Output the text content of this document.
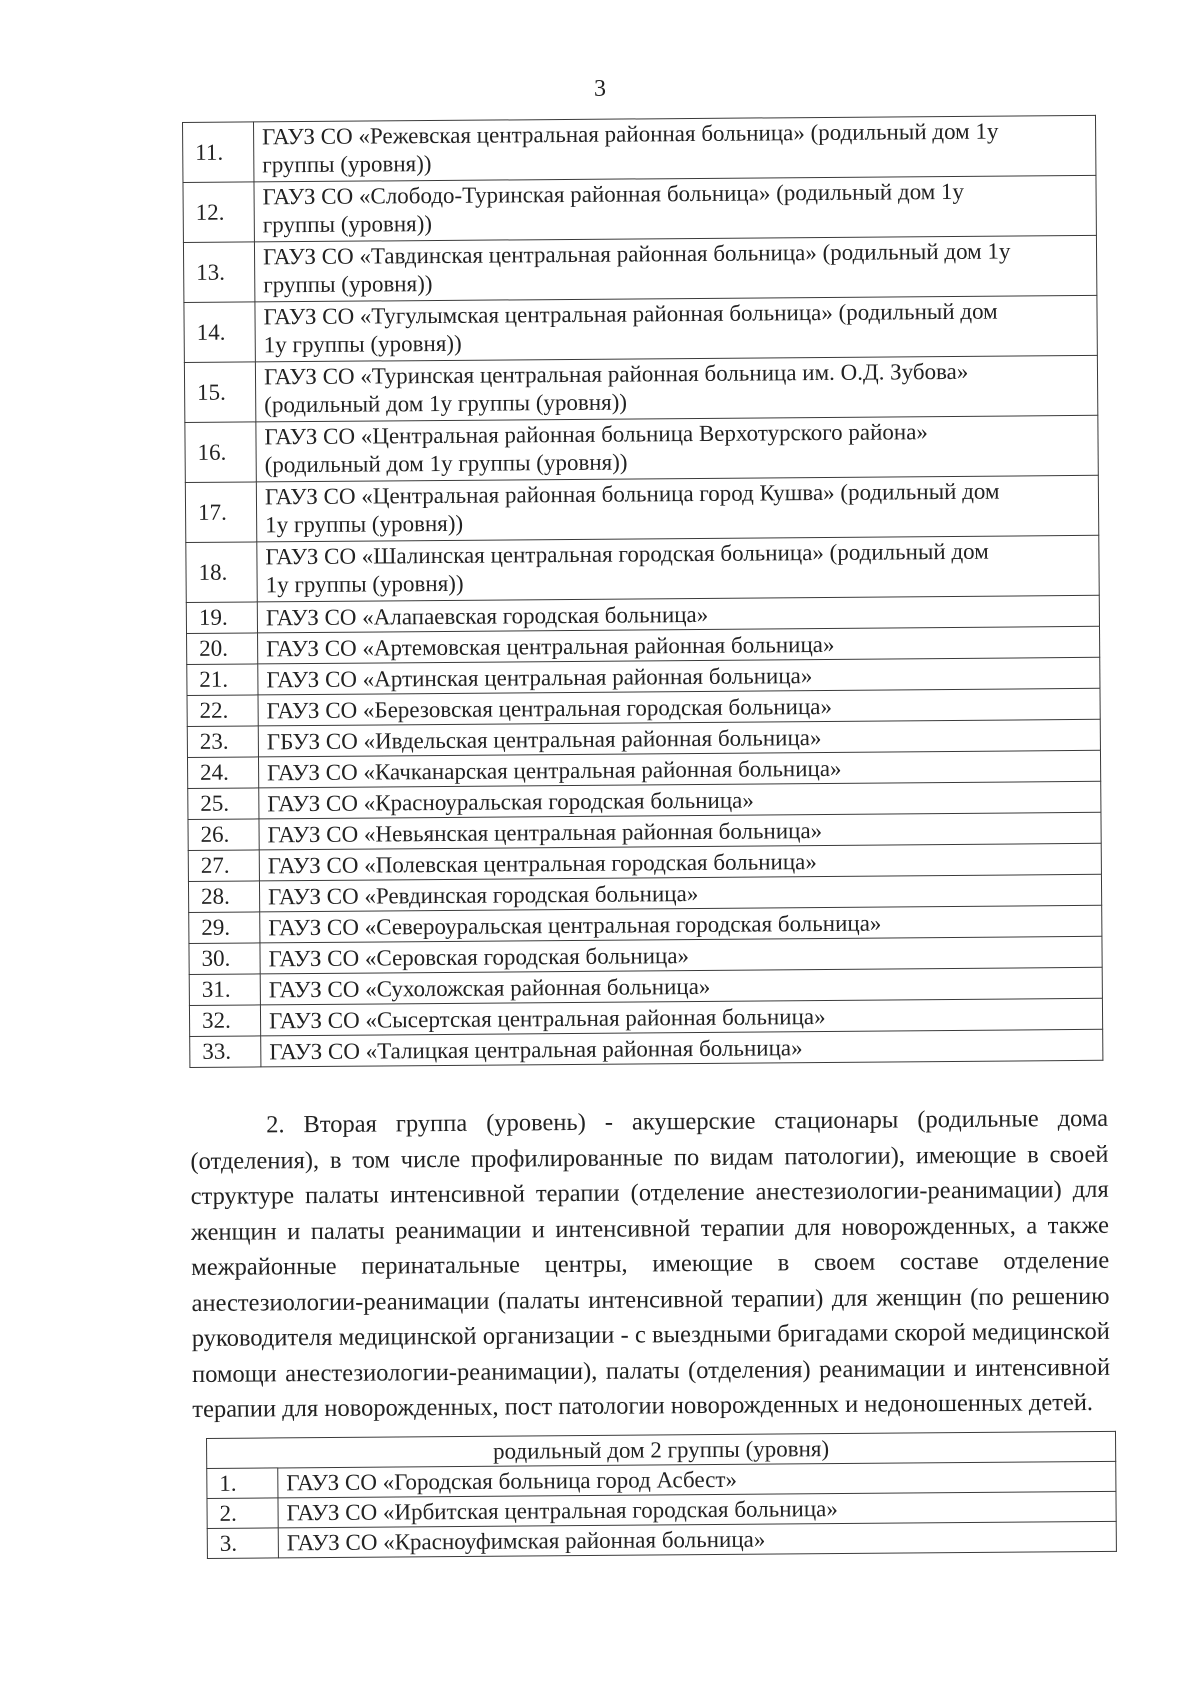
3
11.	ГАУЗ СО «Режевская центральная районная больница» (родильный дом 1у
группы (уровня))
12.	ГАУЗ СО «Слободо-Туринская районная больница» (родильный дом 1у
группы (уровня))
13.	ГАУЗ СО «Тавдинская центральная районная больница» (родильный дом 1у
группы (уровня))
14.	ГАУЗ СО «Тугулымская центральная районная больница» (родильный дом
1у группы (уровня))
15.	ГАУЗ СО «Туринская центральная районная больница им. О.Д. Зубова»
(родильный дом 1у группы (уровня))
16.	ГАУЗ СО «Центральная районная больница Верхотурского района»
(родильный дом 1у группы (уровня))
17.	ГАУЗ СО «Центральная районная больница город Кушва» (родильный дом
1у группы (уровня))
18.	ГАУЗ СО «Шалинская центральная городская больница» (родильный дом
1у группы (уровня))
19.	ГАУЗ СО «Алапаевская городская больница»
20.	ГАУЗ СО «Артемовская центральная районная больница»
21.	ГАУЗ СО «Артинская центральная районная больница»
22.	ГАУЗ СО «Березовская центральная городская больница»
23.	ГБУЗ СО «Ивдельская центральная районная больница»
24.	ГАУЗ СО «Качканарская центральная районная больница»
25.	ГАУЗ СО «Красноуральская городская больница»
26.	ГАУЗ СО «Невьянская центральная районная больница»
27.	ГАУЗ СО «Полевская центральная городская больница»
28.	ГАУЗ СО «Ревдинская городская больница»
29.	ГАУЗ СО «Североуральская центральная городская больница»
30.	ГАУЗ СО «Серовская городская больница»
31.	ГАУЗ СО «Сухоложская районная больница»
32.	ГАУЗ СО «Сысертская центральная районная больница»
33.	ГАУЗ СО «Талицкая центральная районная больница»

2. Вторая группа (уровень) - акушерские стационары (родильные дома (отделения), в том числе профилированные по видам патологии), имеющие в своей структуре палаты интенсивной терапии (отделение анестезиологии-реанимации) для женщин и палаты реанимации и интенсивной терапии для новорожденных, а также межрайонные перинатальные центры, имеющие в своем составе отделение анестезиологии-реанимации (палаты интенсивной терапии) для женщин (по решению руководителя медицинской организации - с выездными бригадами скорой медицинской помощи анестезиологии-реанимации), палаты (отделения) реанимации и интенсивной терапии для новорожденных, пост патологии новорожденных и недоношенных детей.

родильный дом 2 группы (уровня)	
1.	ГАУЗ СО «Городская больница город Асбест»
2.	ГАУЗ СО «Ирбитская центральная городская больница»
3.	ГАУЗ СО «Красноуфимская районная больница»
